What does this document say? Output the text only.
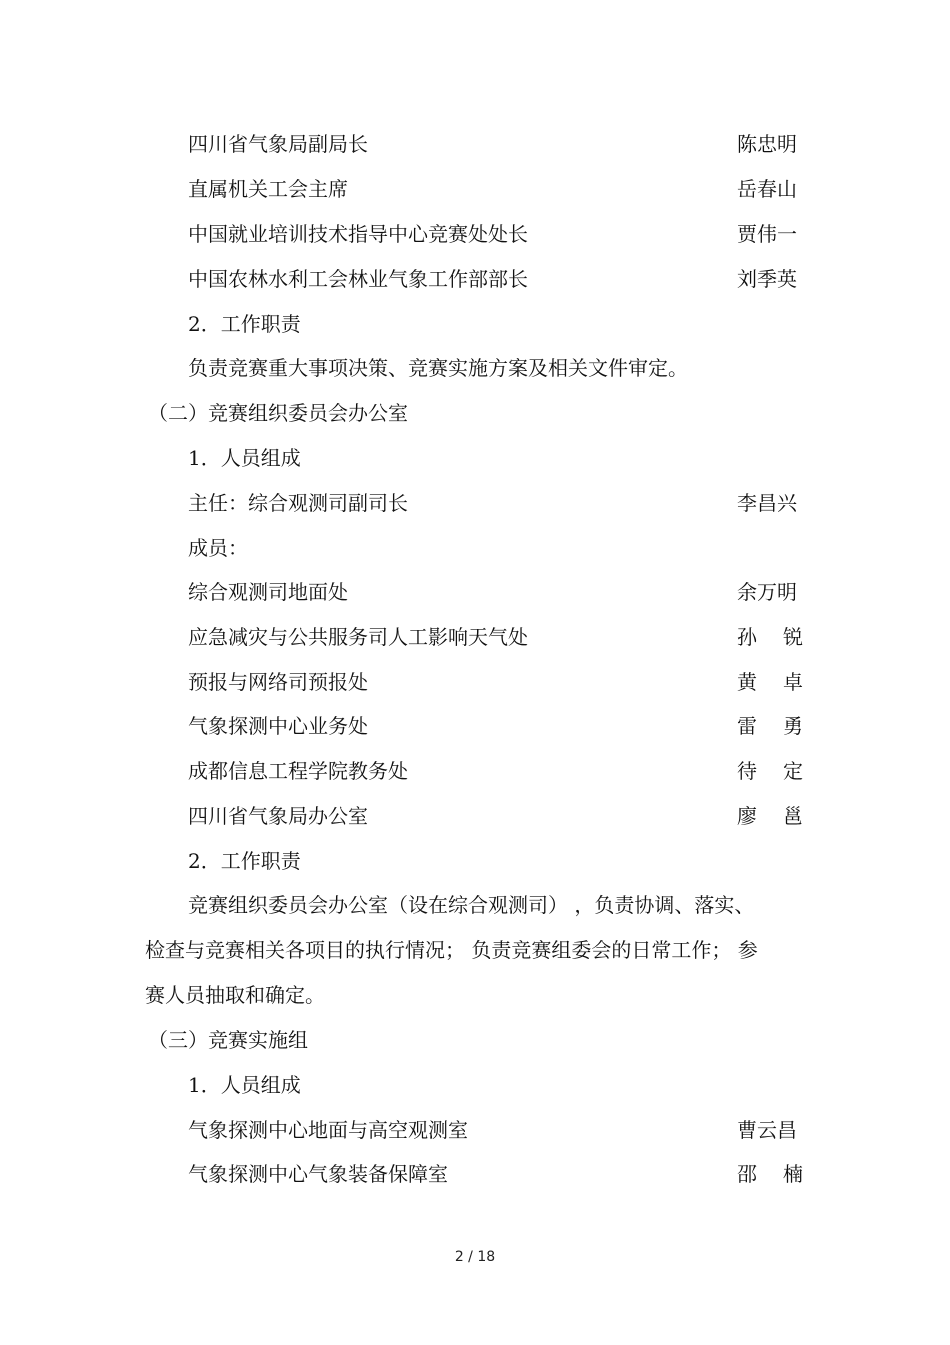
四川省气象局副局长	陈忠明
直属机关工会主席	岳春山
中国就业培训技术指导中心竞赛处处长	贾伟一
中国农林水利工会林业气象工作部部长	刘季英
2．工作职责
负责竞赛重大事项决策、竞赛实施方案及相关文件审定。
（二）竞赛组织委员会办公室
1．人员组成
主任：综合观测司副司长	李昌兴
成员：
综合观测司地面处	余万明
应急减灾与公共服务司人工影响天气处	孙锐
预报与网络司预报处	黄卓
气象探测中心业务处	雷勇
成都信息工程学院教务处	待定
四川省气象局办公室	廖邕
2．工作职责
竞赛组织委员会办公室（设在综合观测司） ，负责协调、落实、
检查与竞赛相关各项目的执行情况； 负责竞赛组委会的日常工作； 参
赛人员抽取和确定。
（三）竞赛实施组
1．人员组成
气象探测中心地面与高空观测室	曹云昌
气象探测中心气象装备保障室	邵楠
2 / 18
